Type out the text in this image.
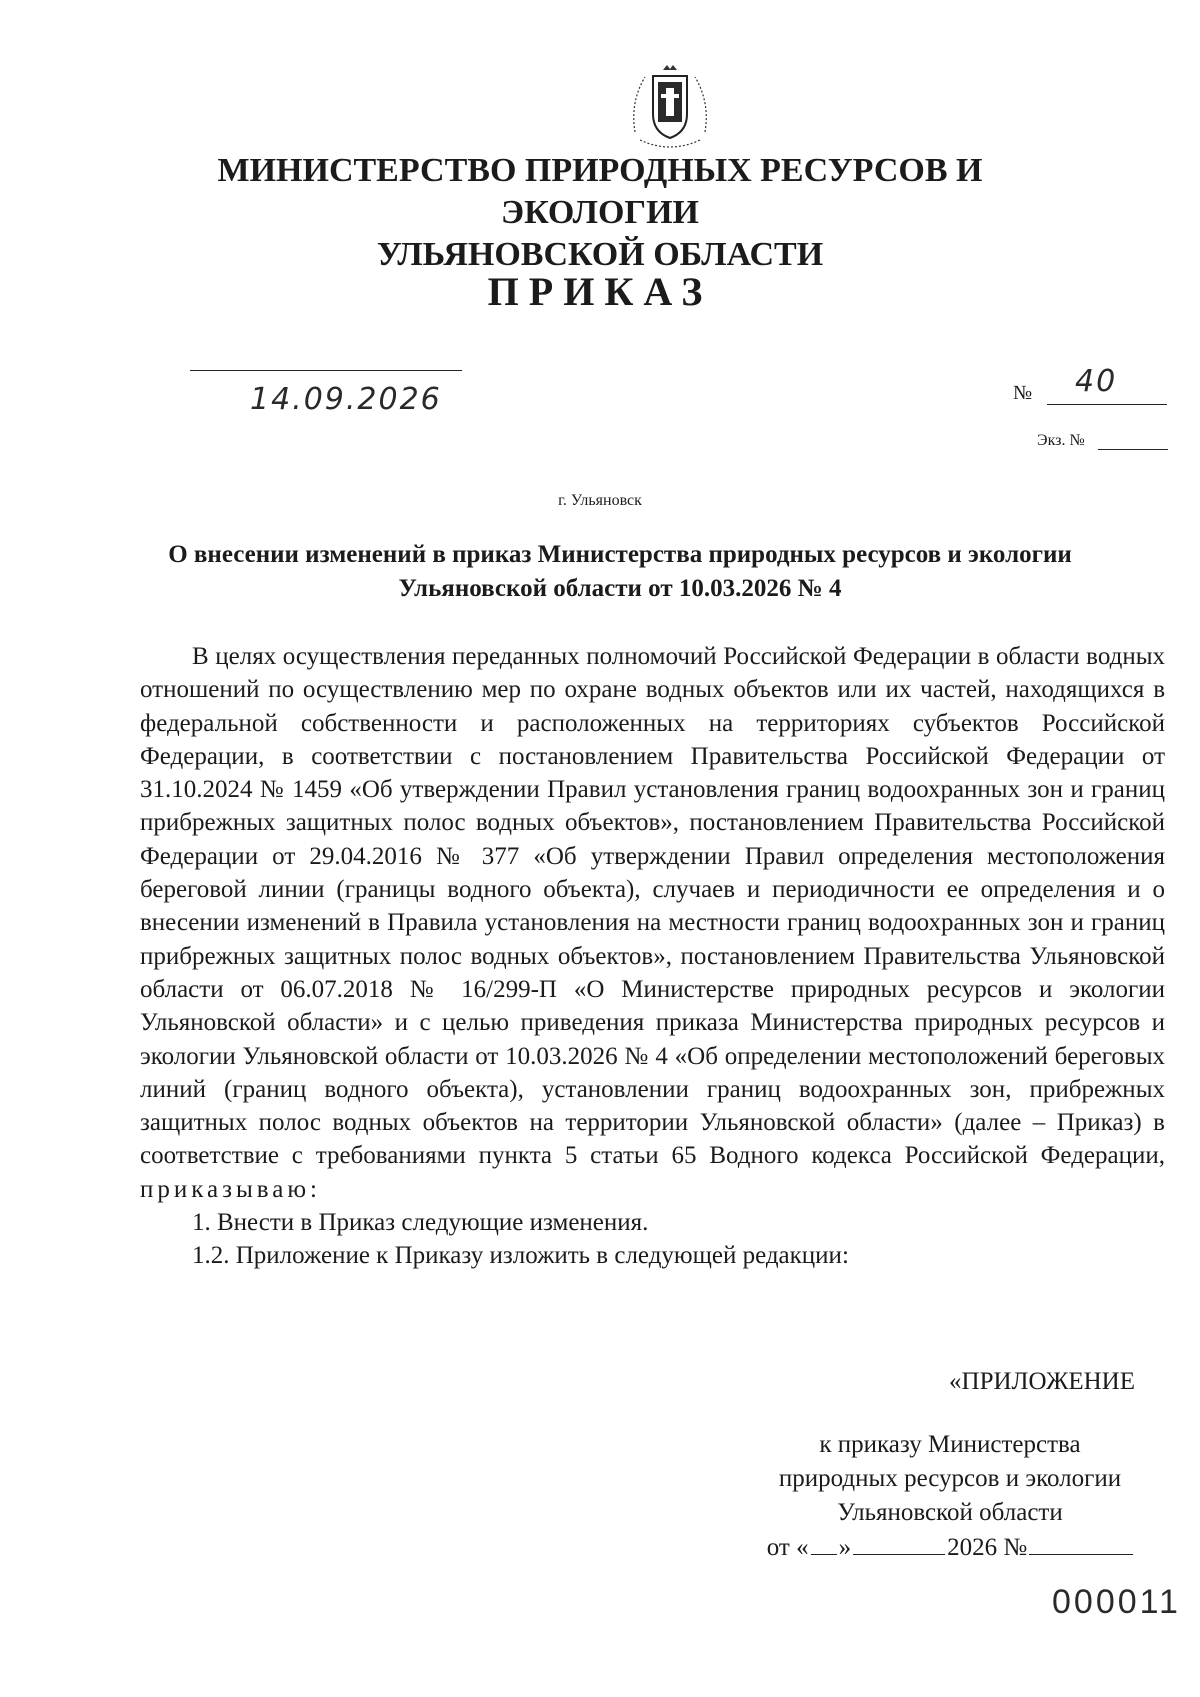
МИНИСТЕРСТВО ПРИРОДНЫХ РЕСУРСОВ И ЭКОЛОГИИ
УЛЬЯНОВСКОЙ ОБЛАСТИ
ПРИКАЗ
14.09.2026	№ 40
Экз. №
г. Ульяновск
О внесении изменений в приказ Министерства природных ресурсов и экологии
Ульяновской области от 10.03.2026 № 4

В целях осуществления переданных полномочий Российской Федерации в области водных отношений по осуществлению мер по охране водных объектов или их частей, находящихся в федеральной собственности и расположенных на территориях субъектов Российской Федерации, в соответствии с постановлением Правительства Российской Федерации от 31.10.2024 № 1459 «Об утверждении Правил установления границ водоохранных зон и границ прибрежных защитных полос водных объектов», постановлением Правительства Российской Федерации от 29.04.2016 № 377 «Об утверждении Правил определения местоположения береговой линии (границы водного объекта), случаев и периодичности ее определения и о внесении изменений в Правила установления на местности границ водоохранных зон и границ прибрежных защитных полос водных объектов», постановлением Правительства Ульяновской области от 06.07.2018 № 16/299-П «О Министерстве природных ресурсов и экологии Ульяновской области» и с целью приведения приказа Министерства природных ресурсов и экологии Ульяновской области от 10.03.2026 № 4 «Об определении местоположений береговых линий (границ водного объекта), установлении границ водоохранных зон, прибрежных защитных полос водных объектов на территории Ульяновской области» (далее – Приказ) в соответствие с требованиями пункта 5 статьи 65 Водного кодекса Российской Федерации, приказываю:

1. Внести в Приказ следующие изменения.

1.2. Приложение к Приказу изложить в следующей редакции:

«ПРИЛОЖЕНИЕ
к приказу Министерства
природных ресурсов и экологии
Ульяновской области
от « »	2026 №
000011
